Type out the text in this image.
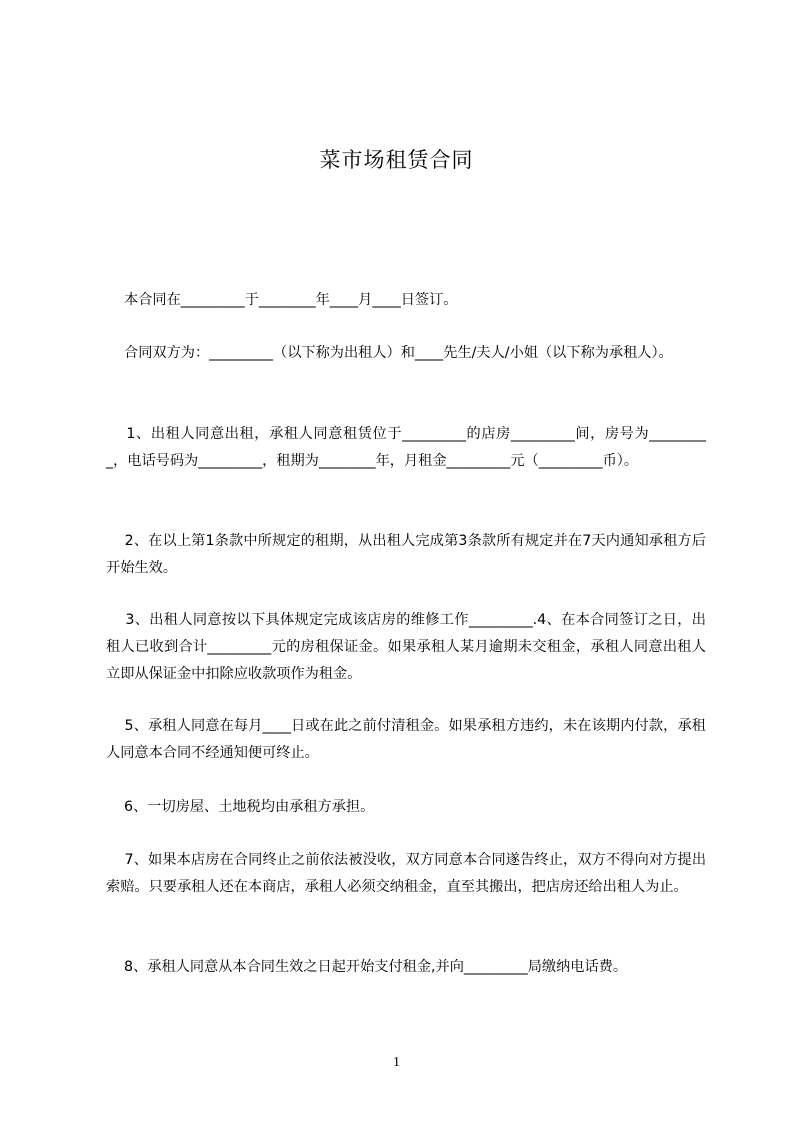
菜市场租赁合同
本合同在_________于________年____月____日签订。
合同双方为：_________（以下称为出租人）和____先生/夫人/小姐（以下称为承租人）。
1、出租人同意出租，承租人同意租赁位于_________的店房_________间，房号为_________，电话号码为_________，租期为________年，月租金_________元（_________币）。
2、在以上第1条款中所规定的租期，从出租人完成第3条款所有规定并在7天内通知承租方后开始生效。
3、出租人同意按以下具体规定完成该店房的维修工作_________.4、在本合同签订之日，出租人已收到合计_________元的房租保证金。如果承租人某月逾期未交租金，承租人同意出租人立即从保证金中扣除应收款项作为租金。
5、承租人同意在每月____日或在此之前付清租金。如果承租方违约，未在该期内付款，承租人同意本合同不经通知便可终止。
6、一切房屋、土地税均由承租方承担。
7、如果本店房在合同终止之前依法被没收，双方同意本合同遂告终止，双方不得向对方提出索赔。只要承租人还在本商店，承租人必须交纳租金，直至其搬出，把店房还给出租人为止。
8、承租人同意从本合同生效之日起开始支付租金,并向_________局缴纳电话费。
1
